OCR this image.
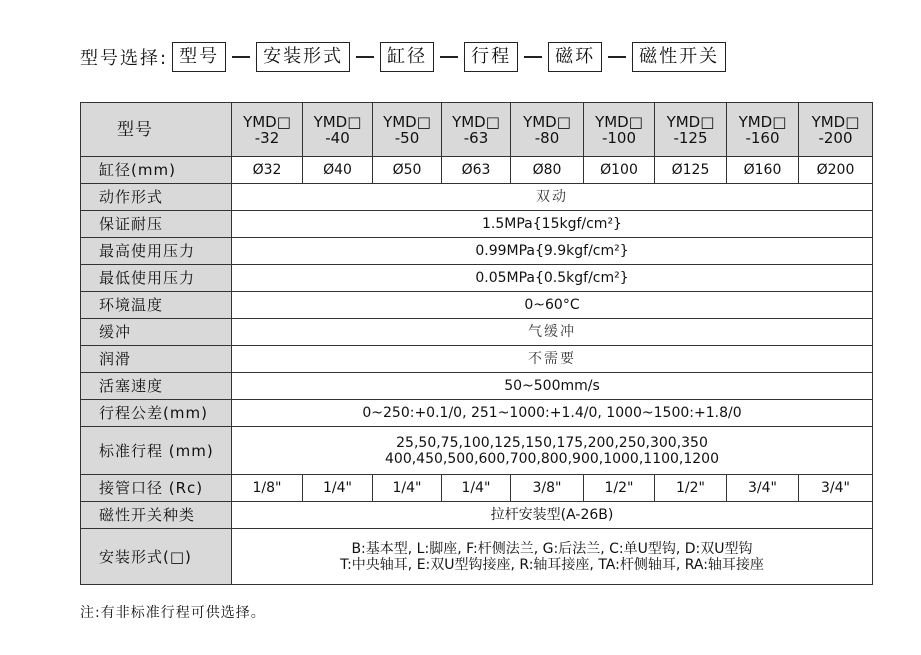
型号选择: 型号	安装形式	缸径	行程	磁环	磁性开关
型号	YMD□ -32	YMD□ -40	YMD□ -50	YMD□ -63	YMD□ -80	YMD□ -100	YMD□ -125	YMD□ -160	YMD□ -200
缸径(mm)	Ø32	Ø40	Ø50	Ø63	Ø80	Ø100	Ø125	Ø160	Ø200
动作形式	双动								
保证耐压	1.5MPa{15kgf/cm²}								
最高使用压力	0.99MPa{9.9kgf/cm²}								
最低使用压力	0.05MPa{0.5kgf/cm²}								
环境温度	0~60°C								
缓冲	气缓冲								
润滑	不需要								
活塞速度	50~500mm/s								
行程公差(mm)	0~250:+0.1/0, 251~1000:+1.4/0, 1000~1500:+1.8/0								
标准行程 (mm)	25,50,75,100,125,150,175,200,250,300,350
400,450,500,600,700,800,900,1000,1100,1200								

接管口径 (Rc)	1/8"	1/4"	1/4"	1/4"	3/8"	1/2"	1/2"	3/4"	3/4"
磁性开关种类	拉杆安装型(A-26B)								
安装形式(□)	B:基本型, L:脚座, F:杆侧法兰, G:后法兰, C:单U型钩, D:双U型钩
T:中央轴耳, E:双U型钩接座, R:轴耳接座, TA:杆侧轴耳, RA:轴耳接座								
注:有非标准行程可供选择。
